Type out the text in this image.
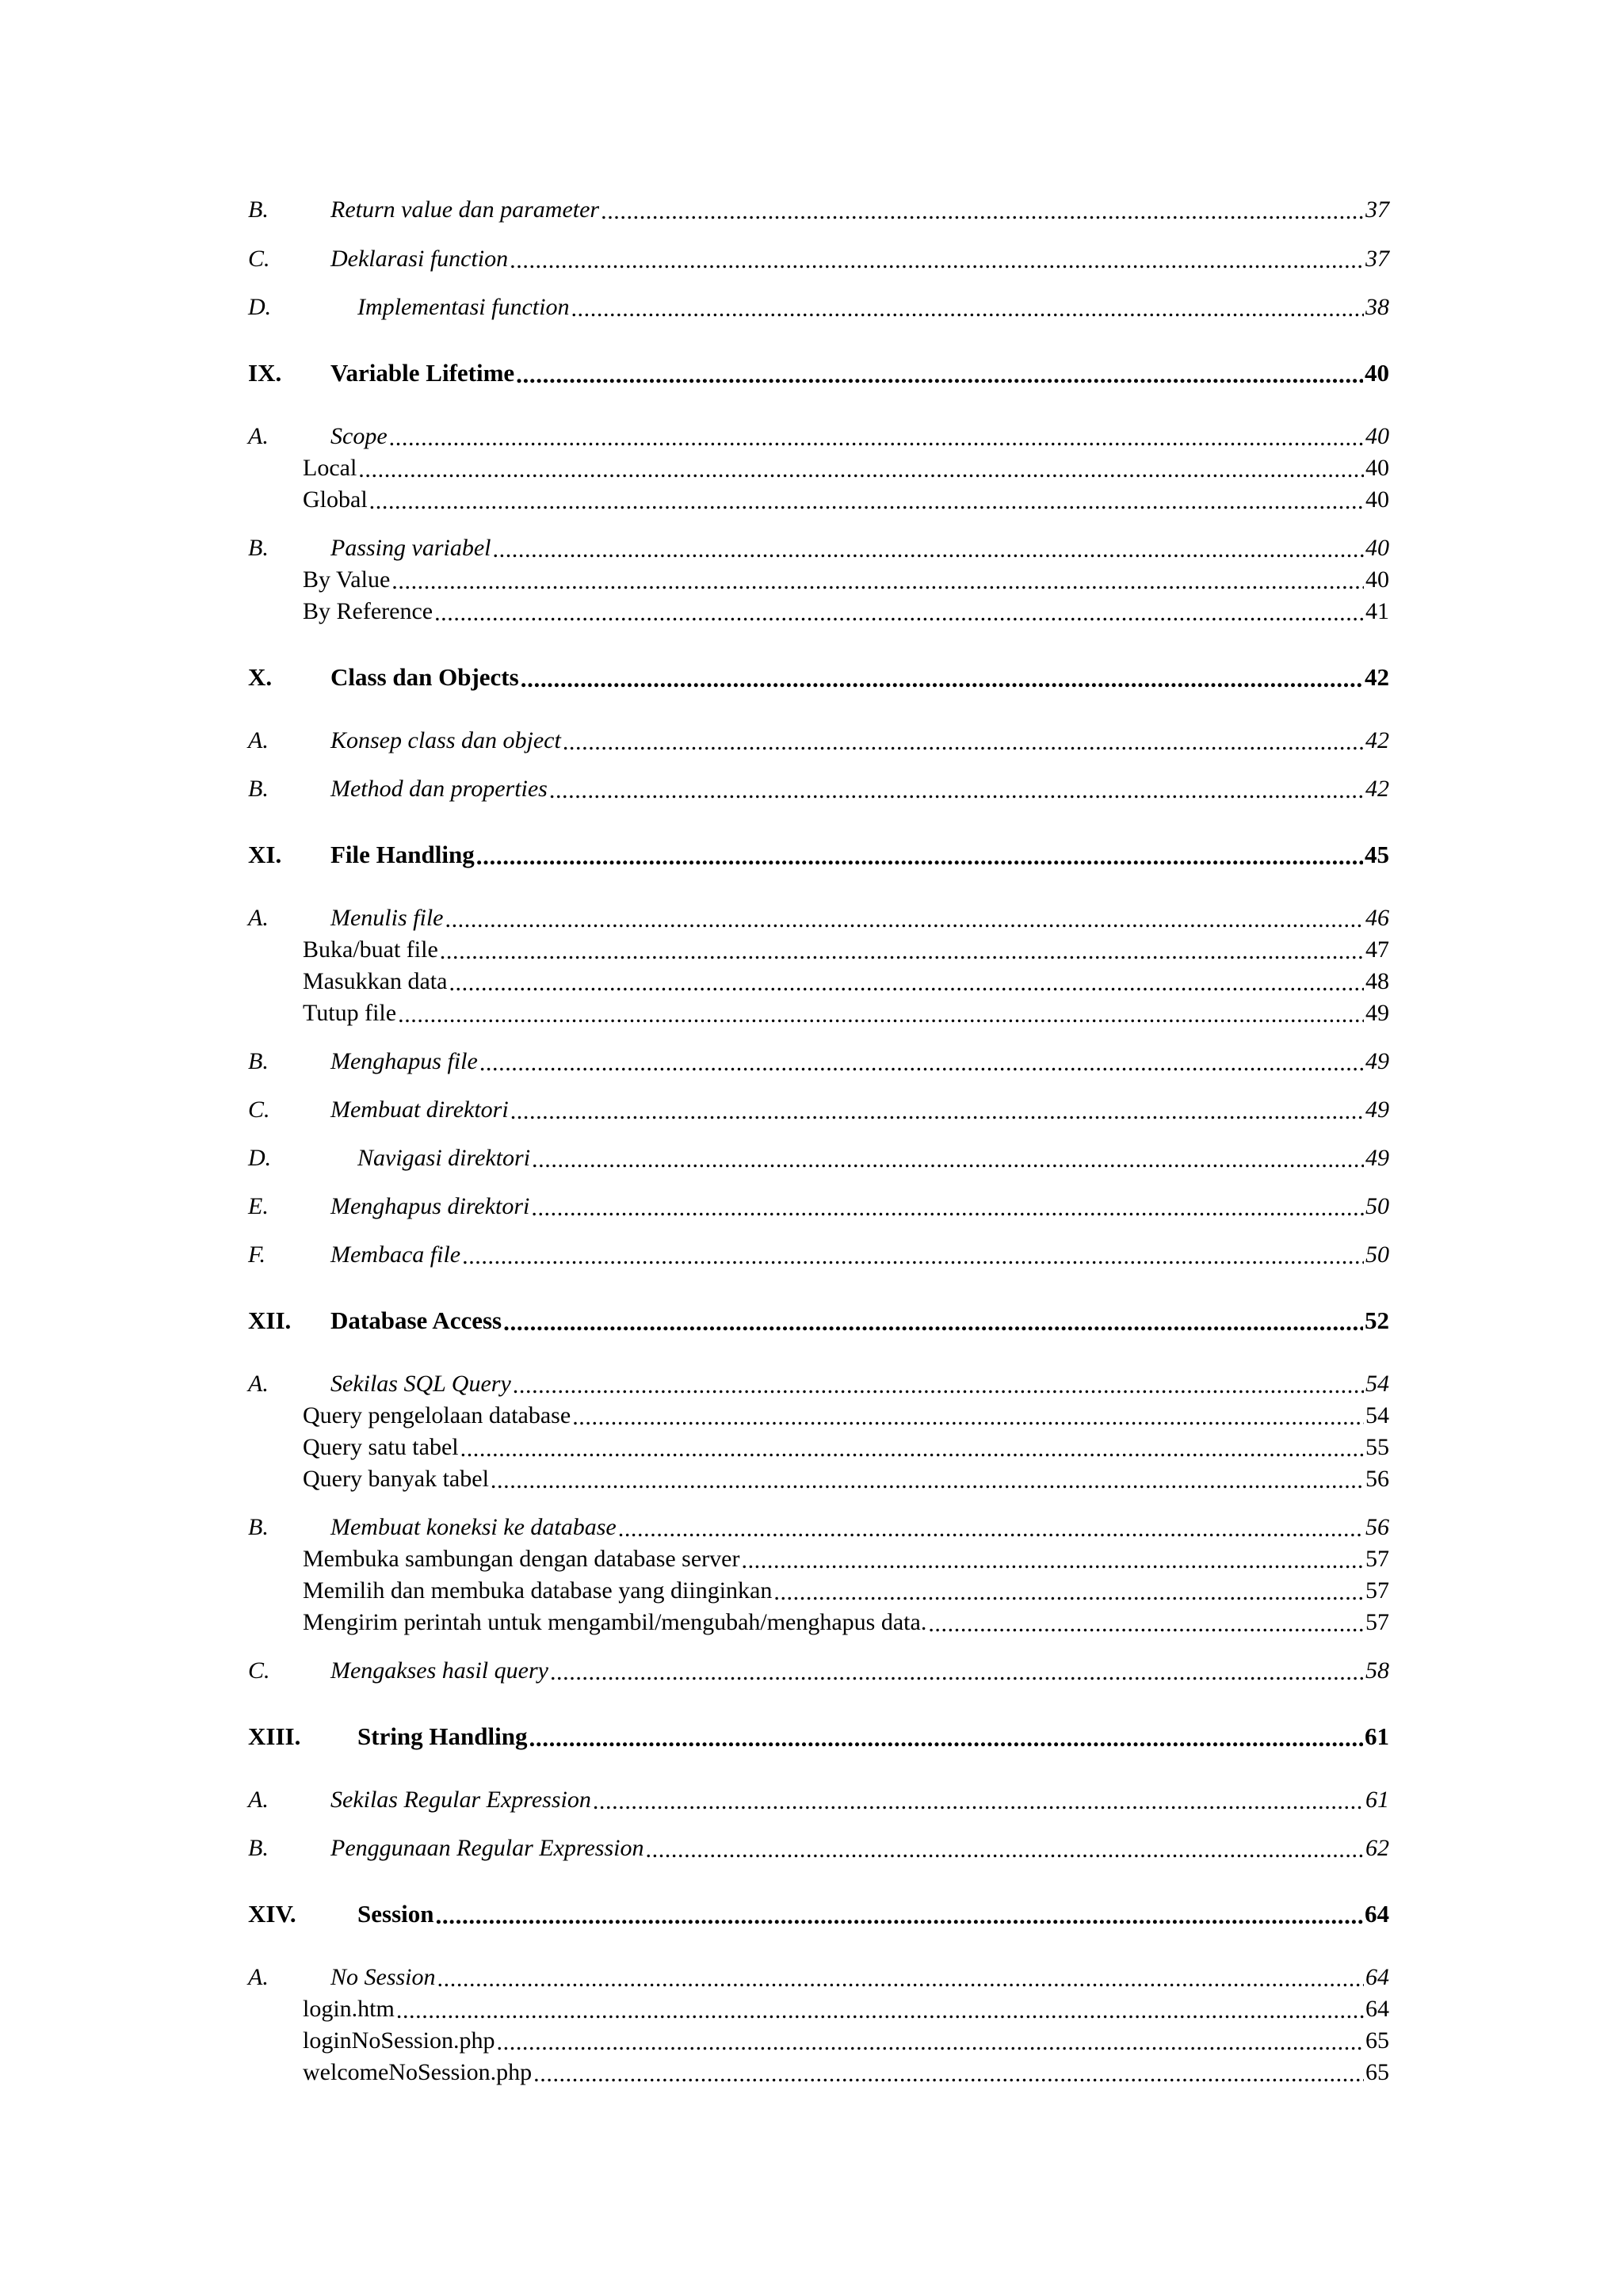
B.	Return value dan parameter .....	37
C.	Deklarasi function .....	37
D.	Implementasi function .....	38
IX.	Variable Lifetime .....	40
A.	Scope .....	40
Local .....	40
Global .....	40
B.	Passing variabel .....	40
By Value .....	40
By Reference .....	41
X.	Class dan Objects .....	42
A.	Konsep class dan object .....	42
B.	Method dan properties .....	42
XI.	File Handling .....	45
A.	Menulis file .....	46
Buka/buat file .....	47
Masukkan data .....	48
Tutup file .....	49
B.	Menghapus file .....	49
C.	Membuat direktori .....	49
D.	Navigasi direktori .....	49
E.	Menghapus direktori .....	50
F.	Membaca file .....	50
XII.	Database Access .....	52
A.	Sekilas SQL Query .....	54
Query pengelolaan database .....	54
Query satu tabel .....	55
Query banyak tabel .....	56
B.	Membuat koneksi ke database .....	56
Membuka sambungan dengan database server .....	57
Memilih dan membuka database yang diinginkan .....	57
Mengirim perintah untuk mengambil/mengubah/menghapus data. .....	57
C.	Mengakses hasil query .....	58
XIII.	String Handling .....	61
A.	Sekilas Regular Expression .....	61
B.	Penggunaan Regular Expression .....	62
XIV.	Session .....	64
A.	No Session .....	64
login.htm .....	64
loginNoSession.php .....	65
welcomeNoSession.php .....	65
